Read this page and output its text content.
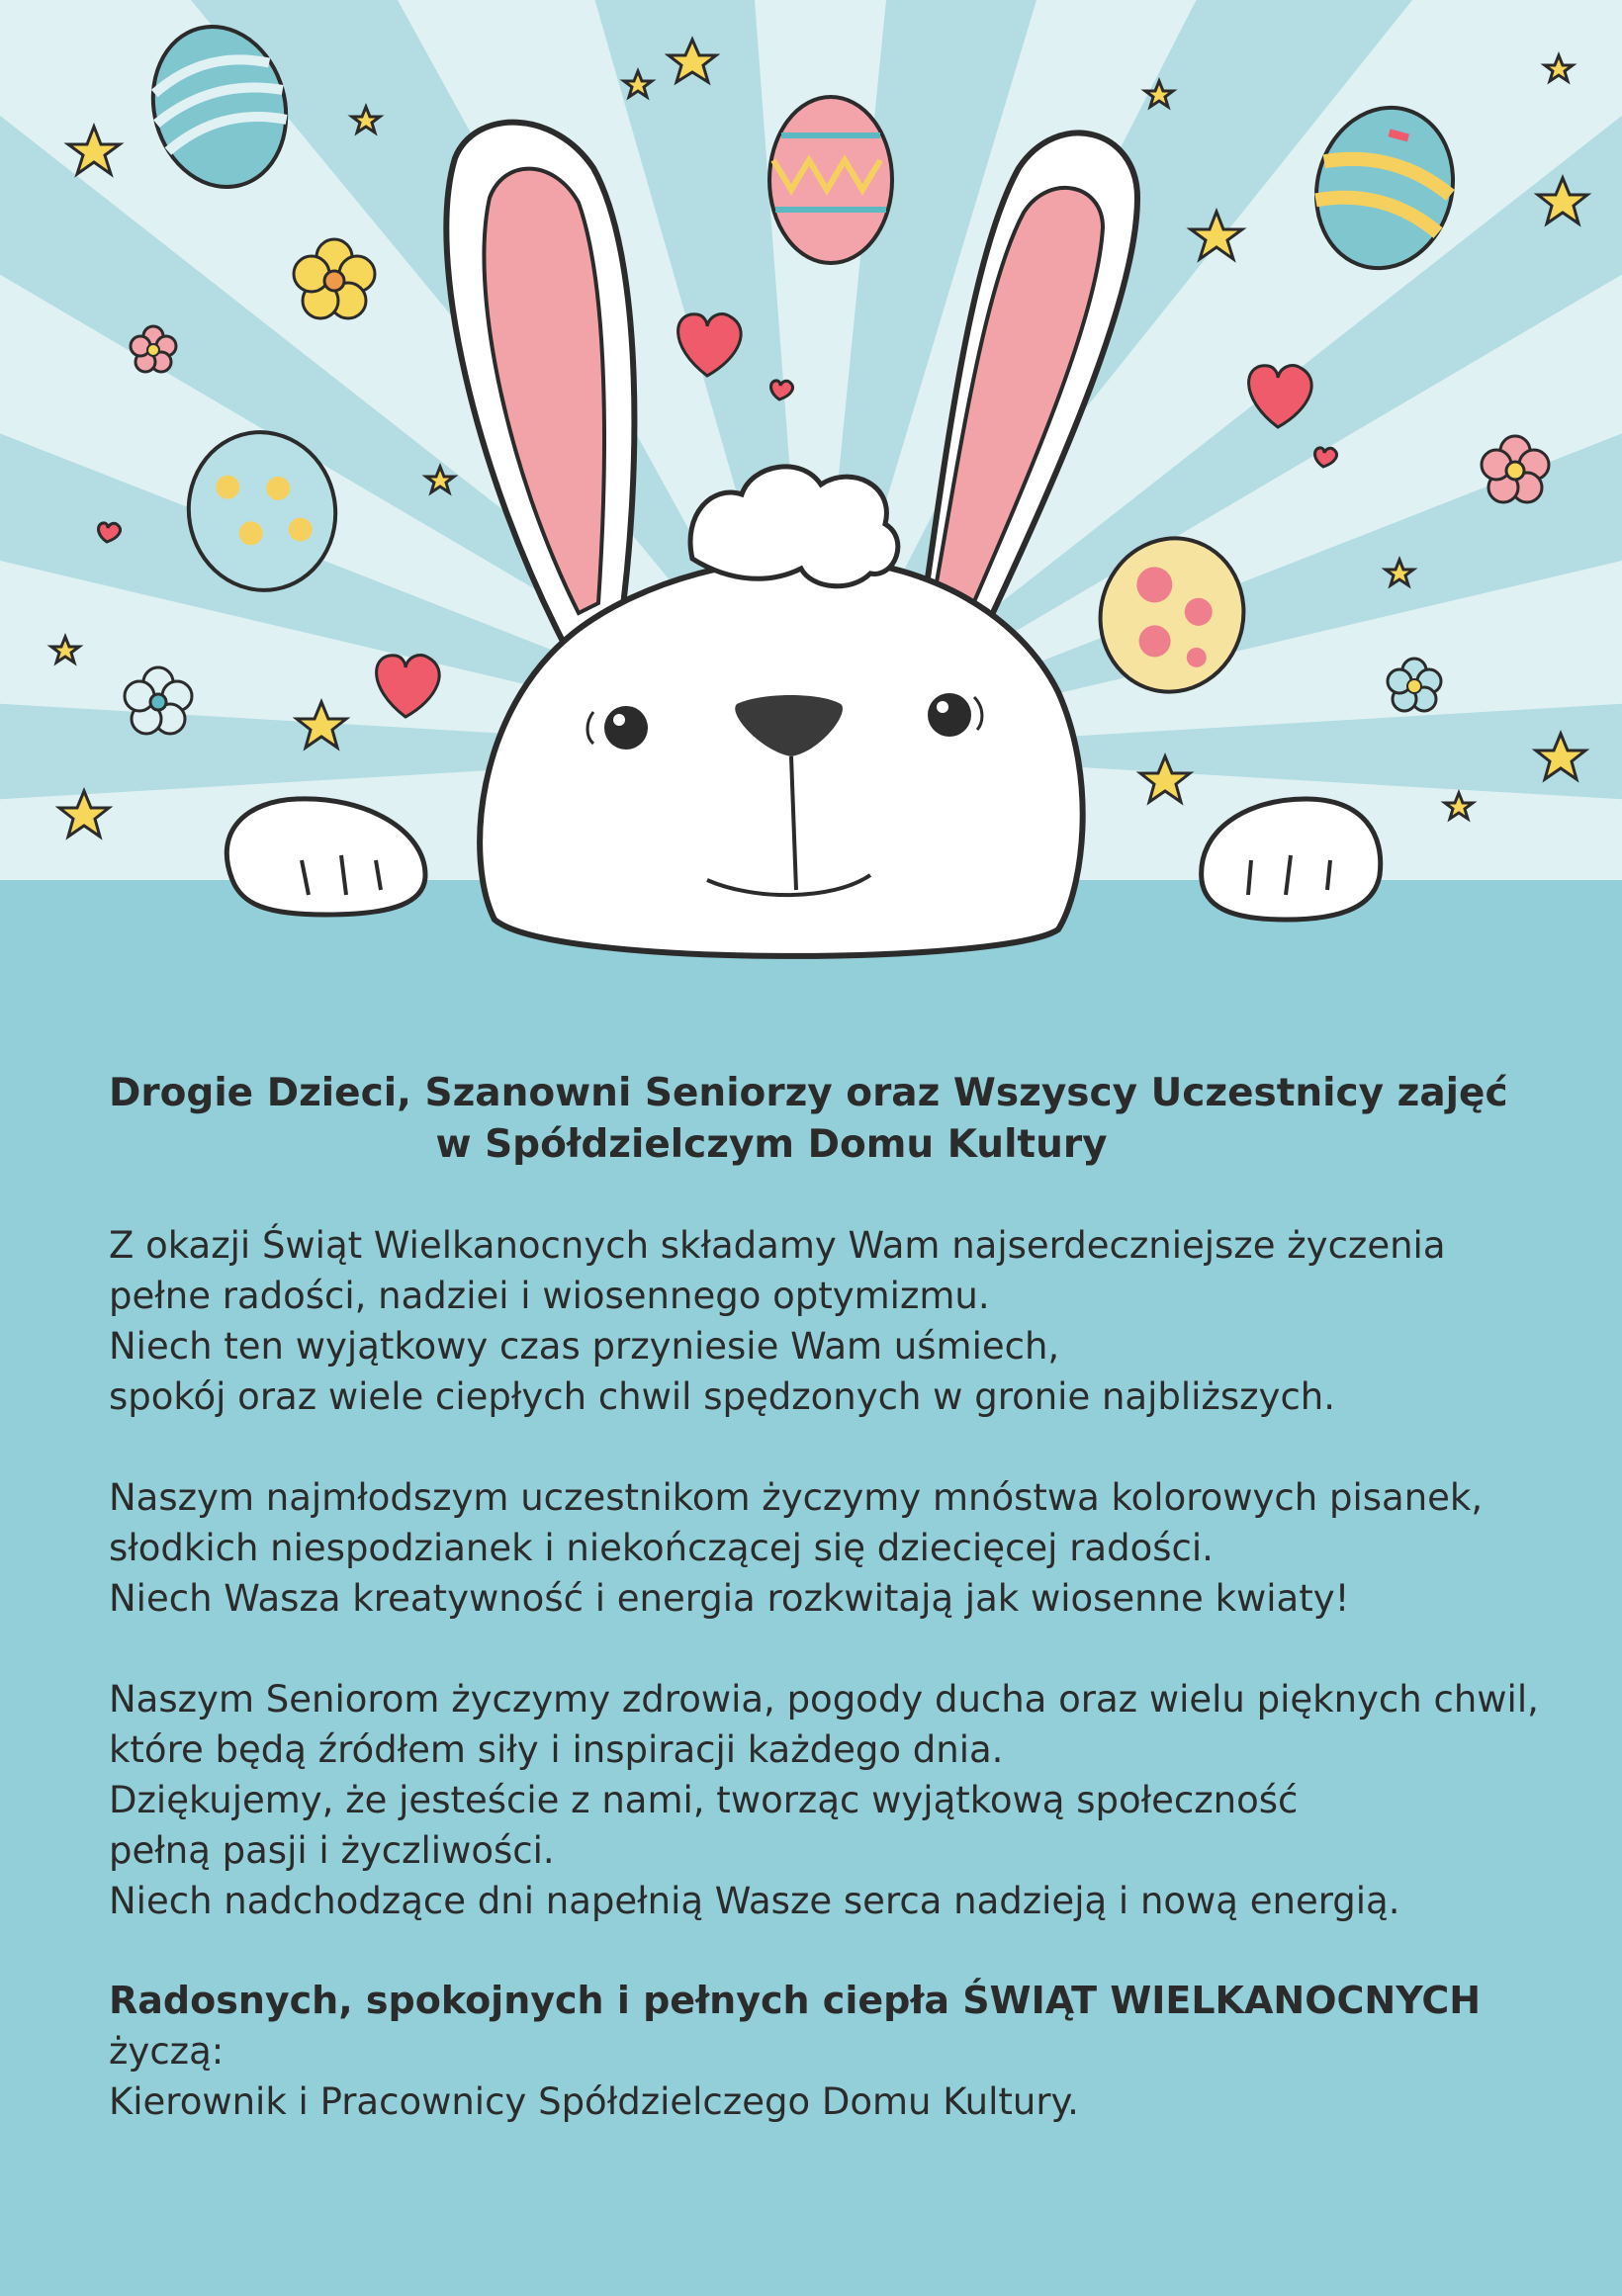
Drogie Dzieci, Szanowni Seniorzy oraz Wszyscy Uczestnicy zajęć

w Spółdzielczym Domu Kultury

Z okazji Świąt Wielkanocnych składamy Wam najserdeczniejsze życzenia
pełne radości, nadziei i wiosennego optymizmu.
Niech ten wyjątkowy czas przyniesie Wam uśmiech,
spokój oraz wiele ciepłych chwil spędzonych w gronie najbliższych.

Naszym najmłodszym uczestnikom życzymy mnóstwa kolorowych pisanek,
słodkich niespodzianek i niekończącej się dziecięcej radości.
Niech Wasza kreatywność i energia rozkwitają jak wiosenne kwiaty!

Naszym Seniorom życzymy zdrowia, pogody ducha oraz wielu pięknych chwil,
które będą źródłem siły i inspiracji każdego dnia.
Dziękujemy, że jesteście z nami, tworząc wyjątkową społeczność
pełną pasji i życzliwości.
Niech nadchodzące dni napełnią Wasze serca nadzieją i nową energią.

Radosnych, spokojnych i pełnych ciepła ŚWIĄT WIELKANOCNYCH
życzą:
Kierownik i Pracownicy Spółdzielczego Domu Kultury.
